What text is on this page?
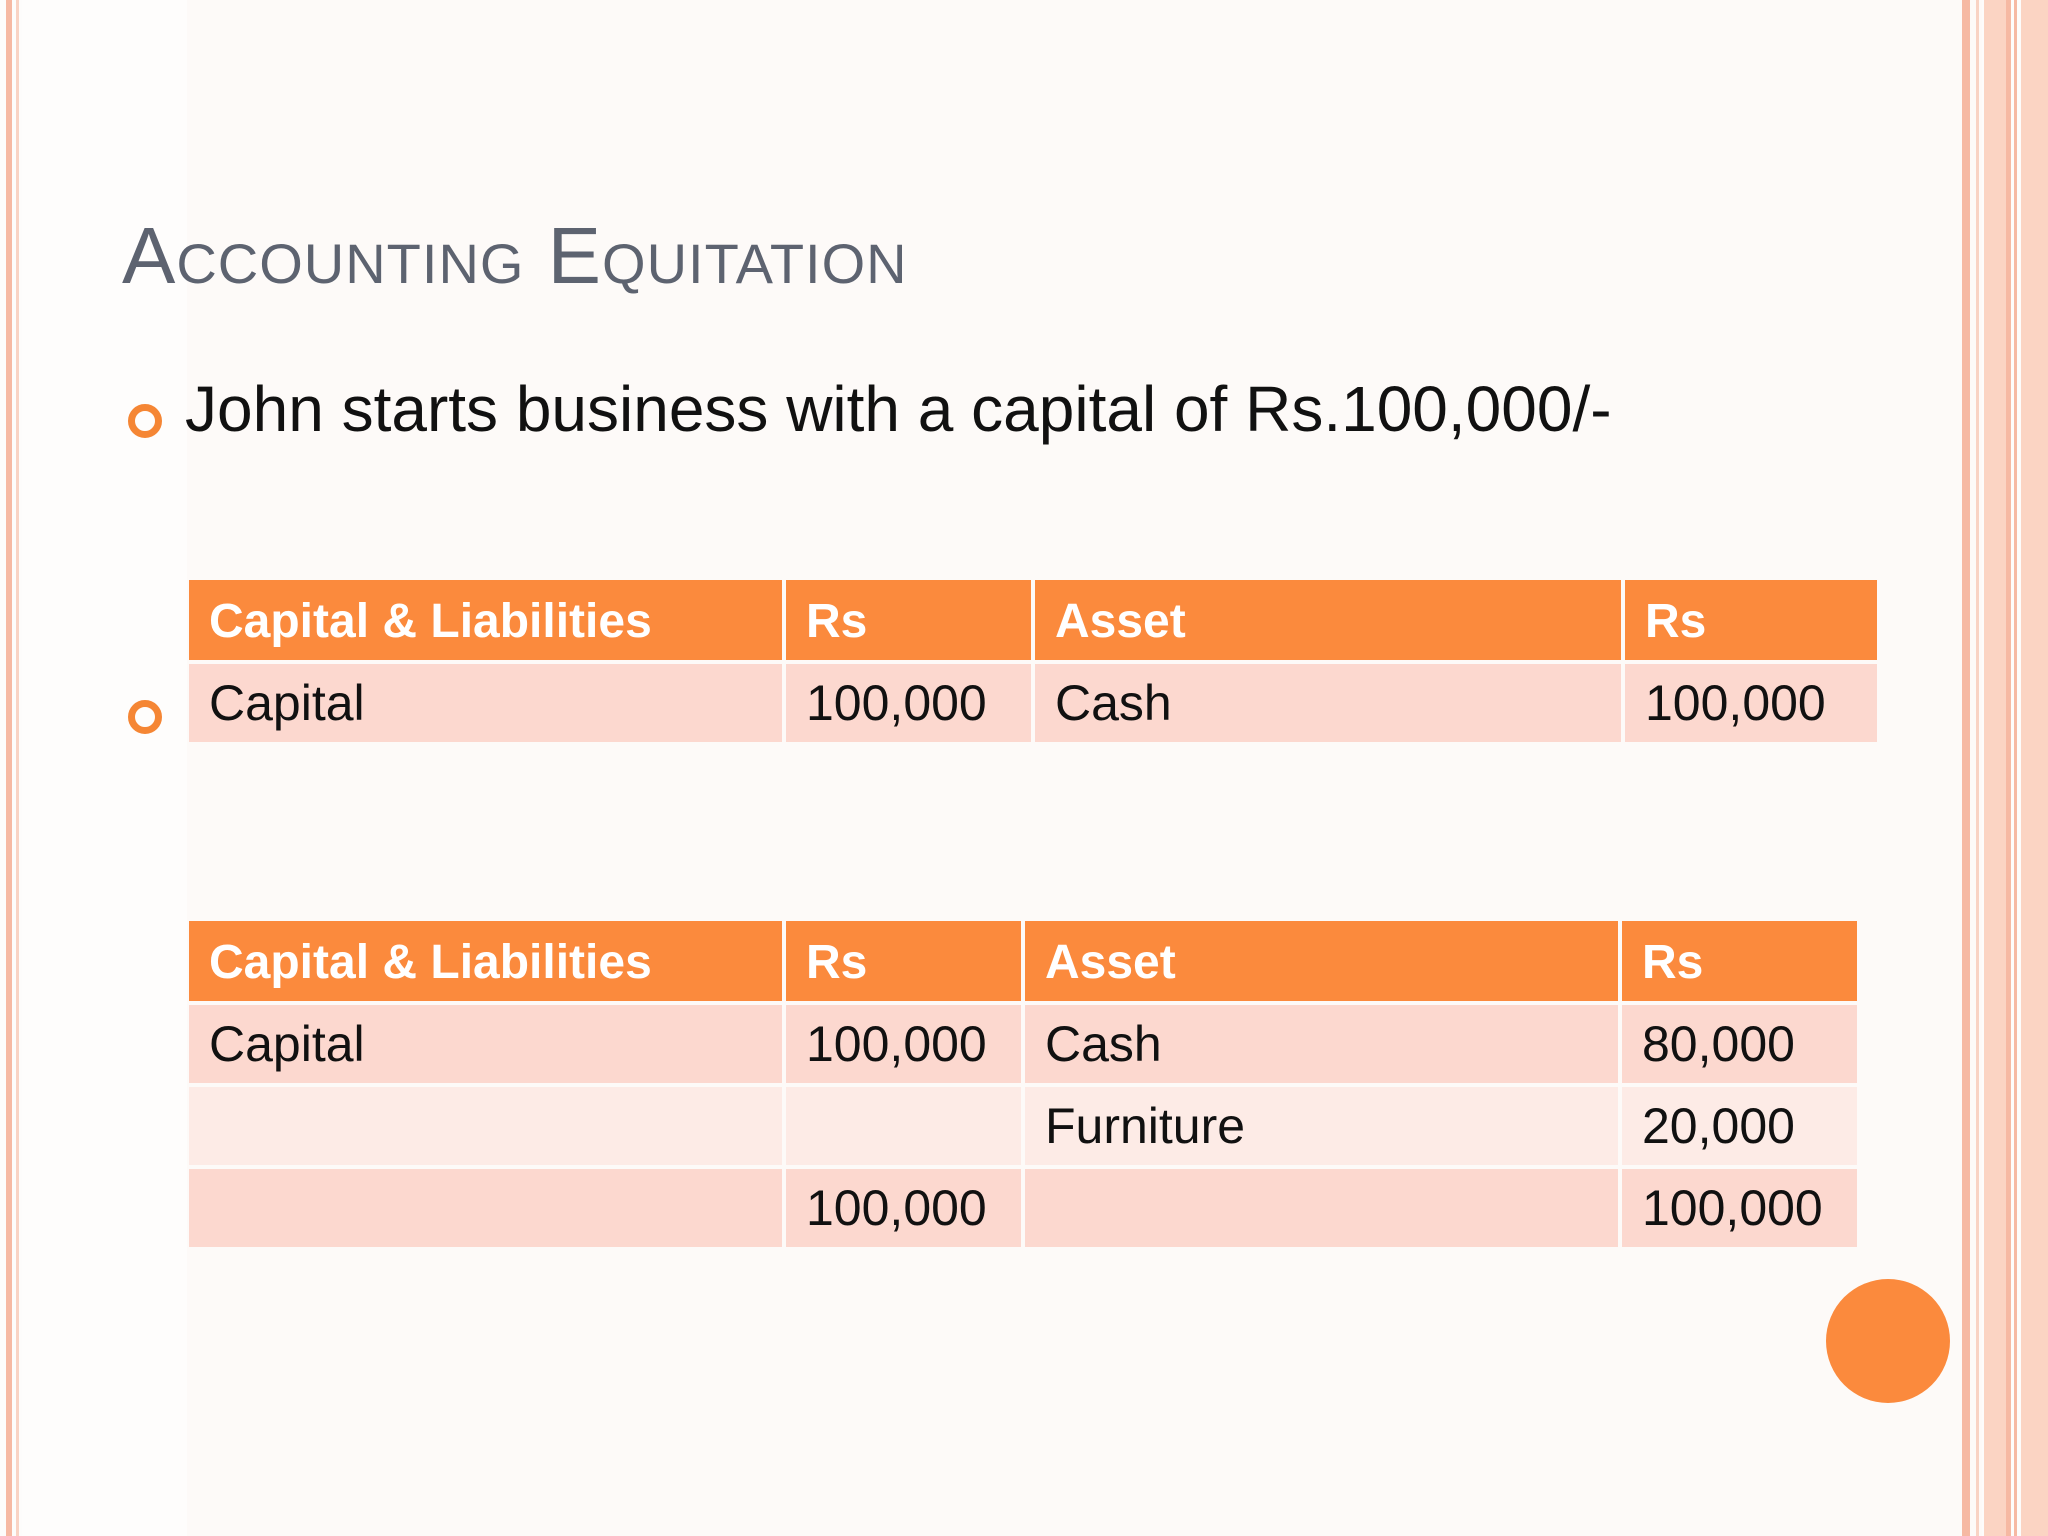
Accounting Equitation
John starts business with a capital of Rs.100,000/-
Capital & Liabilities	Rs	Asset	Rs
Capital	100,000	Cash	100,000
Capital & Liabilities	Rs	Asset	Rs
Capital	100,000	Cash	80,000
		Furniture	20,000
	100,000		100,000
